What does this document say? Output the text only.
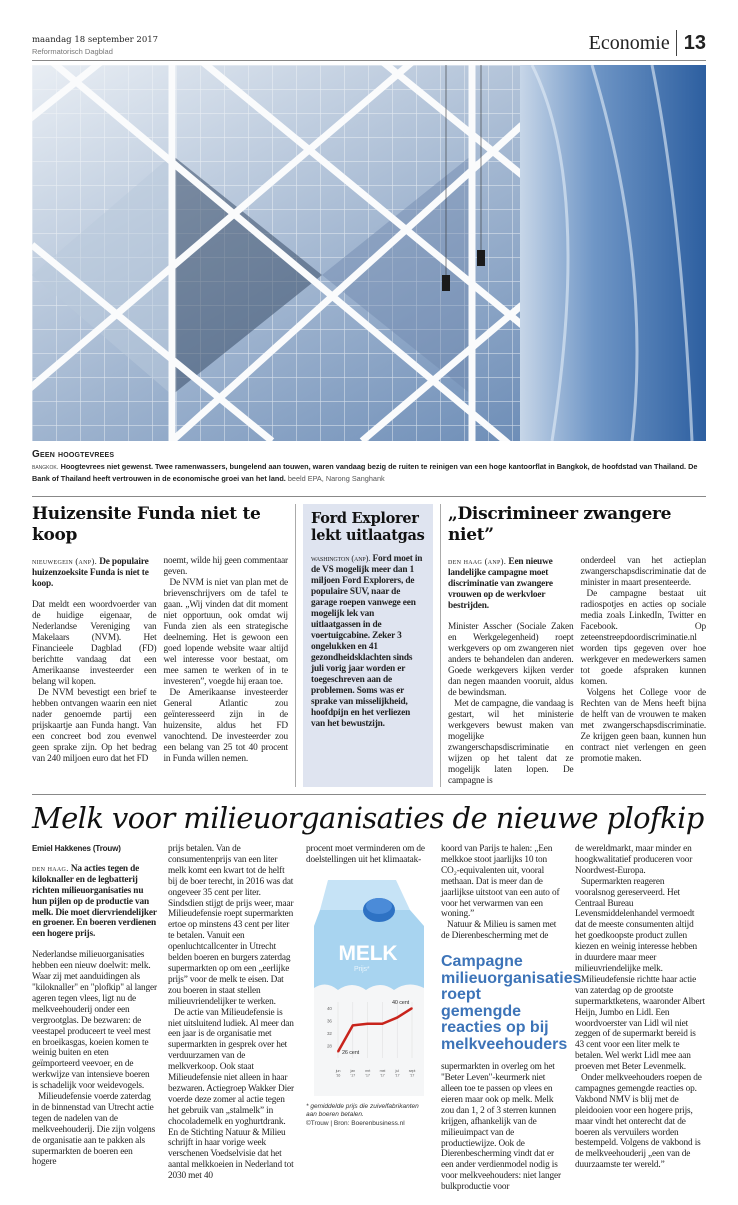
maandag 18 september 2017
Reformatorisch Dagblad	Economie 13
Geen hoogtevrees
bangkok. Hoogtevrees niet gewenst. Twee ramenwassers, bungelend aan touwen, waren vandaag bezig de ruiten te reinigen van een hoge kantoorflat in Bangkok, de hoofdstad van Thailand. De Bank of Thailand heeft vertrouwen in de economische groei van het land. beeld EPA, Narong Sanghank
Huizensite Funda niet te koop
nieuwegein (anp). De populaire huizenzoeksite Funda is niet te koop.

Dat meldt een woordvoerder van de huidige eigenaar, de Nederlandse Vereniging van Makelaars (NVM). Het Financieele Dagblad (FD) berichtte vandaag dat een Amerikaanse investeerder een belang wil kopen.

De NVM bevestigt een brief te hebben ontvangen waarin een niet nader genoemde partij een prijskaartje aan Funda hangt. Van een concreet bod zou evenwel geen sprake zijn. Op het bedrag van 240 miljoen euro dat het FD

noemt, wilde hij geen commentaar geven.

De NVM is niet van plan met de brievenschrijvers om de tafel te gaan. „Wij vinden dat dit moment niet opportuun, ook omdat wij Funda zien als een strategische deelneming. Het is gewoon een goed lopende website waar altijd wel interesse voor bestaat, om mee samen te werken of in te investeren”, voegde hij eraan toe.

De Amerikaanse investeerder General Atlantic zou geïnteresseerd zijn in de huizensite, aldus het FD vanochtend. De investeerder zou een belang van 25 tot 40 procent in Funda willen nemen.

Ford Explorer lekt uitlaatgas
washington (anp). Ford moet in de VS mogelijk meer dan 1 miljoen Ford Explorers, de populaire SUV, naar de garage roepen vanwege een mogelijk lek van uitlaatgassen in de voertuigcabine. Zeker 3 ongelukken en 41 gezondheidsklachten sinds juli vorig jaar worden er toegeschreven aan de problemen. Soms was er sprake van misselijkheid, hoofdpijn en het verliezen van het bewustzijn.
„Discrimineer zwangere niet”
den haag (anp). Een nieuwe landelijke campagne moet discriminatie van zwangere vrouwen op de werkvloer bestrijden.

Minister Asscher (Sociale Zaken en Werkgelegenheid) roept werkgevers op om zwangeren niet anders te behandelen dan anderen. Goede werkgevers kijken verder dan negen maanden vooruit, aldus de bewindsman.

Met de campagne, die vandaag is gestart, wil het ministerie werkgevers bewust maken van mogelijke zwangerschapsdiscriminatie en wijzen op het talent dat ze mogelijk laten lopen. De campagne is

onderdeel van het actieplan zwangerschapsdiscriminatie dat de minister in maart presenteerde.

De campagne bestaat uit radiospotjes en acties op sociale media zoals LinkedIn, Twitter en Facebook. Op zeteenstreepdoordiscriminatie.nl worden tips gegeven over hoe werkgever en medewerkers samen tot goede afspraken kunnen komen.

Volgens het College voor de Rechten van de Mens heeft bijna de helft van de vrouwen te maken met zwangerschapsdiscriminatie. Ze krijgen geen baan, kunnen hun contract niet verlengen en geen promotie maken.

Melk voor milieuorganisaties de nieuwe plofkip
Emiel Hakkenes (Trouw)
den haag. Na acties tegen de kiloknaller en de legbatterij richten milieuorganisaties nu hun pijlen op de productie van melk. Die moet diervriendelijker en groener. En boeren verdienen een hogere prijs.

Nederlandse milieuorganisaties hebben een nieuw doelwit: melk. Waar zij met aanduidingen als "kiloknaller" en "plofkip" al langer ageren tegen vlees, ligt nu de melkveehouderij onder een vergrootglas. De bezwaren: de veestapel produceert te veel mest en broeikasgas, koeien komen te weinig buiten en eten geïmporteerd veevoer, en de werkwijze van intensieve boeren is schadelijk voor weidevogels.

Milieudefensie voerde zaterdag in de binnenstad van Utrecht actie tegen de nadelen van de melkveehouderij. Die zijn volgens de organisatie aan te pakken als supermarkten de boeren een hogere

prijs betalen. Van de consumentenprijs van een liter melk komt een kwart tot de helft bij de boer terecht, in 2016 was dat ongeveer 35 cent per liter. Sindsdien stijgt de prijs weer, maar Milieudefensie roept supermarkten ertoe op minstens 43 cent per liter te betalen. Vanuit een openluchtcallcenter in Utrecht belden boeren en burgers zaterdag supermarkten op om een „eerlijke prijs” voor de melk te eisen. Dat zou boeren in staat stellen milieuvriendelijker te werken.

De actie van Milieudefensie is niet uitsluitend ludiek. Al meer dan een jaar is de organisatie met supermarkten in gesprek over het verduurzamen van de melkverkoop. Ook staat Milieudefensie niet alleen in haar bezwaren. Actiegroep Wakker Dier voerde deze zomer al actie tegen het gebruik van „stalmelk” in chocolademelk en yoghurtdrank. En de Stichting Natuur & Milieu schrijft in haar vorige week verschenen Voedselvisie dat het aantal melkkoeien in Nederland tot 2030 met 40

procent moet verminderen om de doelstellingen uit het klimaatak-
MELK
Prijs*
jun '16
jan '17
mrt '17
mei '17
jul '17
sept '17
28
32
36
40
26 cent
40 cent
* gemiddelde prijs die zuivelfabrikanten aan boeren betalen.
©Trouw | Bron: Boerenbusiness.nl

koord van Parijs te halen: „Een melkkoe stoot jaarlijks 10 ton CO₂-equivalenten uit, vooral methaan. Dat is meer dan de jaarlijkse uitstoot van een auto of voor het verwarmen van een woning.”

Natuur & Milieu is samen met de Dierenbescherming met de

Campagne milieuorganisaties roept gemengde reacties op bij melkveehouders

supermarkten in overleg om het "Beter Leven"-keurmerk niet alleen toe te passen op vlees en eieren maar ook op melk. Melk zou dan 1, 2 of 3 sterren kunnen krijgen, afhankelijk van de milieuimpact van de productiewijze. Ook de Dierenbescherming vindt dat er een ander verdienmodel nodig is voor melkveehouders: niet langer bulkproductie voor

de wereldmarkt, maar minder en hoogkwalitatief produceren voor Noordwest-Europa.

Supermarkten reageren vooralsnog gereserveerd. Het Centraal Bureau Levensmiddelenhandel vermoedt dat de meeste consumenten altijd het goedkoopste product zullen kiezen en weinig interesse hebben in duurdere maar meer milieuvriendelijke melk.

Milieudefensie richtte haar actie van zaterdag op de grootste supermarktketens, waaronder Albert Heijn, Jumbo en Lidl. Een woordvoerster van Lidl wil niet zeggen of de supermarkt bereid is 43 cent voor een liter melk te betalen. Wel werkt Lidl mee aan proeven met Beter Levenmelk.

Onder melkveehouders roepen de campagnes gemengde reacties op. Vakbond NMV is blij met de pleidooien voor een hogere prijs, maar vindt het onterecht dat de boeren als vervuilers worden bestempeld. Volgens de vakbond is de melkveehouderij „een van de duurzaamste ter wereld.”
